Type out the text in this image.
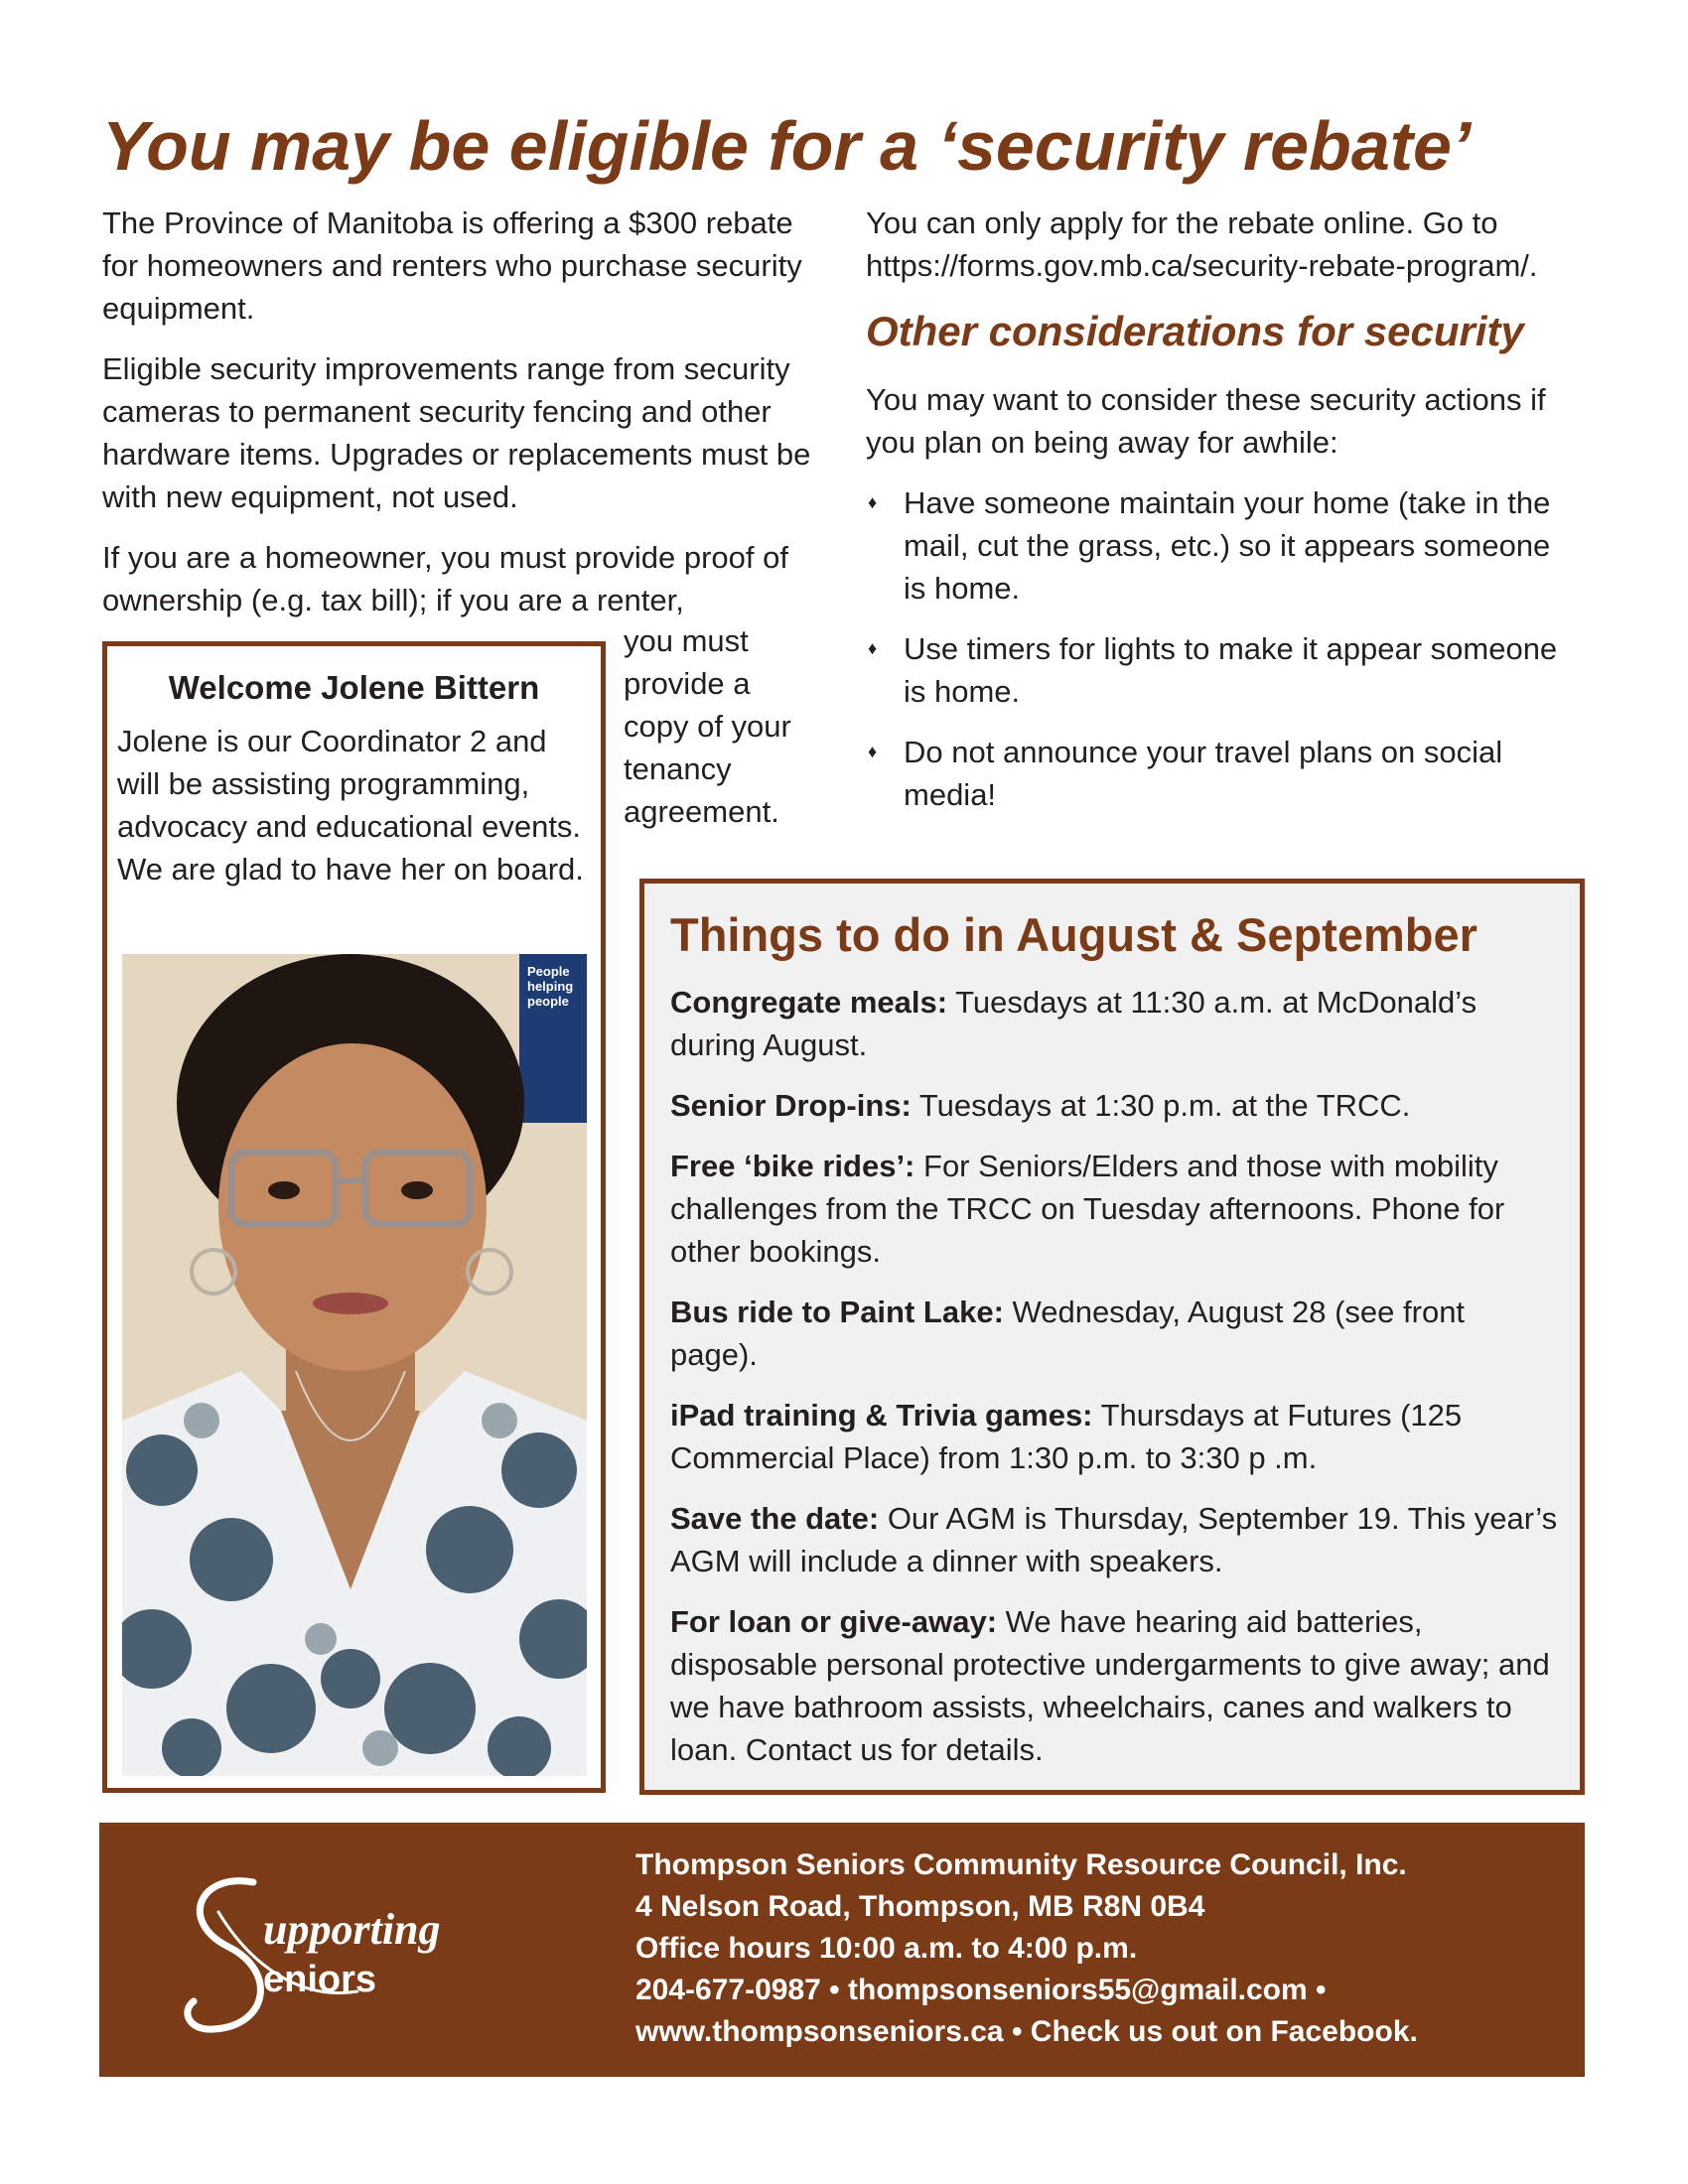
You may be eligible for a ‘security rebate’

The Province of Manitoba is offering a $300 rebate for homeowners and renters who purchase security equipment.

Eligible security improvements range from security cameras to permanent security fencing and other hardware items. Upgrades or replacements must be with new equipment, not used.

If you are a homeowner, you must provide proof of ownership (e.g. tax bill); if you are a renter,

you must provide a copy of your tenancy agreement.

You can only apply for the rebate online. Go to https://forms.gov.mb.ca/security-rebate-program/.

Other considerations for security

You may want to consider these security actions if you plan on being away for awhile:

♦ Have someone maintain your home (take in the mail, cut the grass, etc.) so it appears someone is home.
♦ Use timers for lights to make it appear someone is home.
♦ Do not announce your travel plans on social media!
Welcome Jolene Bittern

Jolene is our Coordinator 2 and will be assisting programming, advocacy and educational events. We are glad to have her on board.

People
helping
people
Things to do in August & September

Congregate meals: Tuesdays at 11:30 a.m. at McDonald’s during August.

Senior Drop-ins: Tuesdays at 1:30 p.m. at the TRCC.

Free ‘bike rides’: For Seniors/Elders and those with mobility challenges from the TRCC on Tuesday afternoons. Phone for other bookings.

Bus ride to Paint Lake: Wednesday, August 28 (see front page).

iPad training & Trivia games: Thursdays at Futures (125 Commercial Place) from 1:30 p.m. to 3:30 p .m.

Save the date: Our AGM is Thursday, September 19. This year’s AGM will include a dinner with speakers.

For loan or give-away: We have hearing aid batteries, disposable personal protective undergarments to give away; and we have bathroom assists, wheelchairs, canes and walkers to loan. Contact us for details.

upporting
eniors
Thompson Seniors Community Resource Council, Inc.
4 Nelson Road, Thompson, MB R8N 0B4
Office hours 10:00 a.m. to 4:00 p.m.
204-677-0987 • thompsonseniors55@gmail.com •
www.thompsonseniors.ca • Check us out on Facebook.
